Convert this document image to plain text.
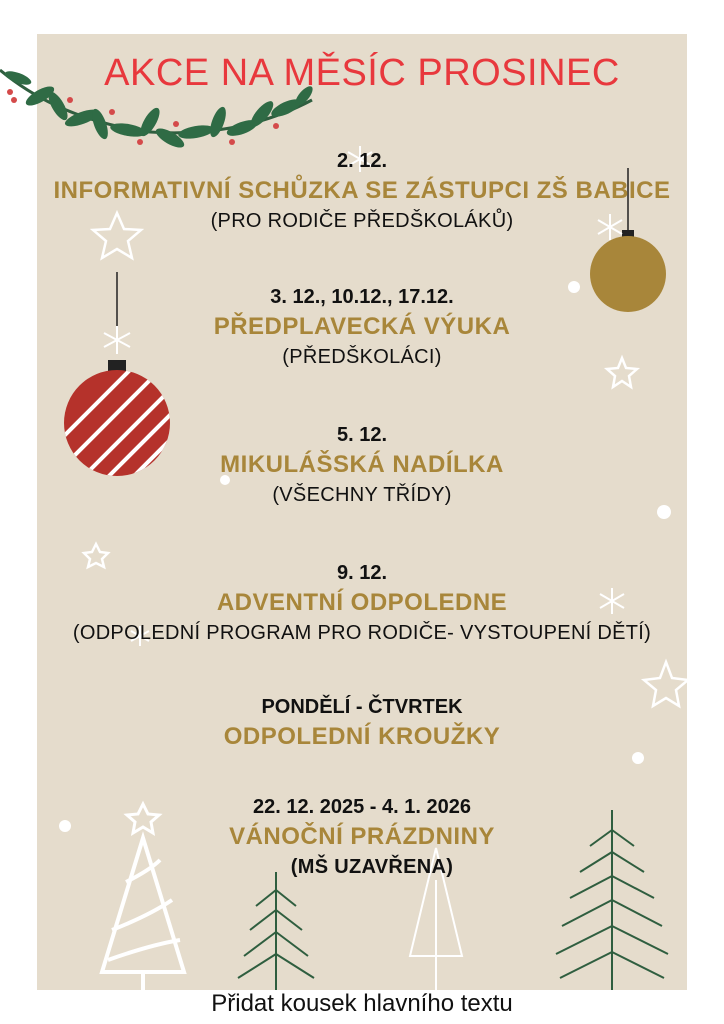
AKCE NA MĚSÍC PROSINEC
2. 12.
INFORMATIVNÍ SCHŮZKA SE ZÁSTUPCI ZŠ BABICE
(PRO RODIČE PŘEDŠKOLÁKŮ)
3. 12., 10.12., 17.12.
PŘEDPLAVECKÁ VÝUKA
(PŘEDŠKOLÁCI)
5. 12.
MIKULÁŠSKÁ NADÍLKA
(VŠECHNY TŘÍDY)
9. 12.
ADVENTNÍ ODPOLEDNE
(ODPOLEDNÍ PROGRAM PRO RODIČE- VYSTOUPENÍ DĚTÍ)
PONDĚLÍ - ČTVRTEK
ODPOLEDNÍ KROUŽKY
22. 12. 2025 - 4. 1. 2026
VÁNOČNÍ PRÁZDNINY
(MŠ UZAVŘENA)
Přidat kousek hlavního textu
